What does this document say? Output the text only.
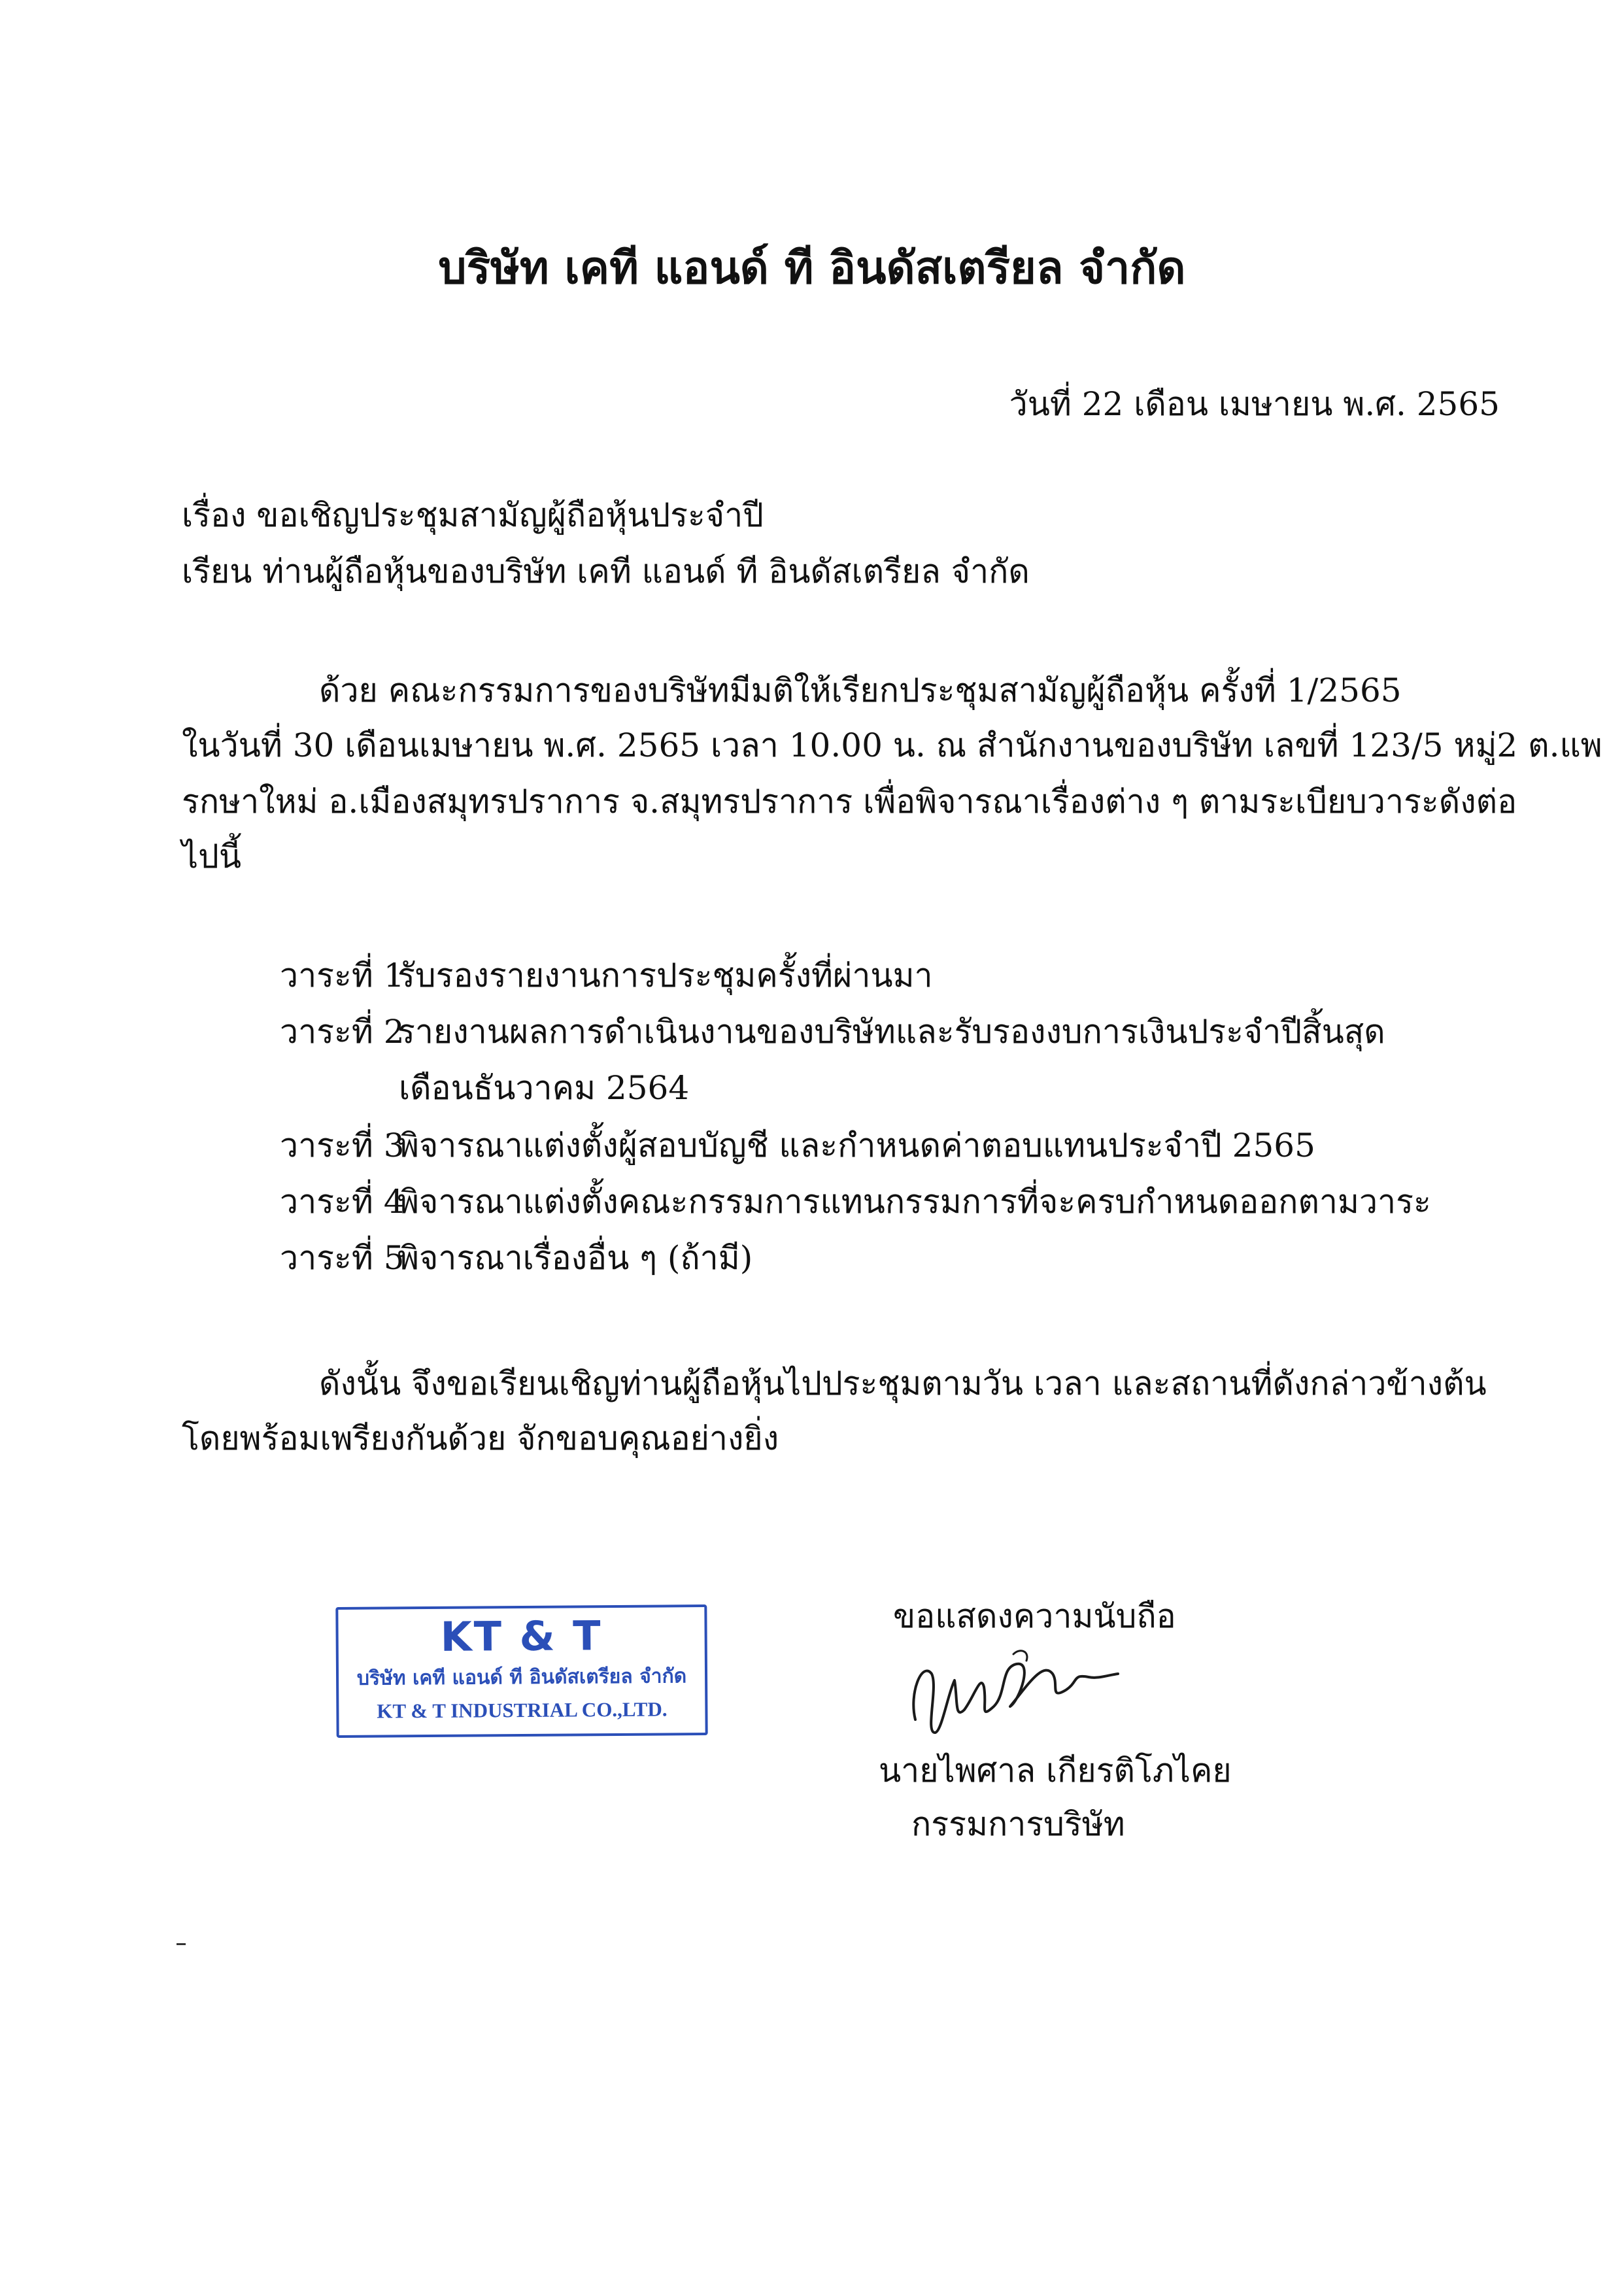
บริษัท เคที แอนด์ ที อินดัสเตรียล จำกัด
วันที่ 22 เดือน เมษายน พ.ศ. 2565
เรื่อง ขอเชิญประชุมสามัญผู้ถือหุ้นประจำปี
เรียน ท่านผู้ถือหุ้นของบริษัท เคที แอนด์ ที อินดัสเตรียล จำกัด
ด้วย คณะกรรมการของบริษัทมีมติให้เรียกประชุมสามัญผู้ถือหุ้น ครั้งที่ 1/2565
ในวันที่ 30 เดือนเมษายน พ.ศ. 2565 เวลา 10.00 น. ณ สำนักงานของบริษัท เลขที่ 123/5 หมู่2 ต.แพ
รกษาใหม่ อ.เมืองสมุทรปราการ จ.สมุทรปราการ เพื่อพิจารณาเรื่องต่าง ๆ ตามระเบียบวาระดังต่อ
ไปนี้
วาระที่ 1รับรองรายงานการประชุมครั้งที่ผ่านมา
วาระที่ 2รายงานผลการดำเนินงานของบริษัทและรับรองงบการเงินประจำปีสิ้นสุด
เดือนธันวาคม 2564
วาระที่ 3พิจารณาแต่งตั้งผู้สอบบัญชี และกำหนดค่าตอบแทนประจำปี 2565
วาระที่ 4พิจารณาแต่งตั้งคณะกรรมการแทนกรรมการที่จะครบกำหนดออกตามวาระ
วาระที่ 5พิจารณาเรื่องอื่น ๆ (ถ้ามี)
ดังนั้น จึงขอเรียนเชิญท่านผู้ถือหุ้นไปประชุมตามวัน เวลา และสถานที่ดังกล่าวข้างต้น
โดยพร้อมเพรียงกันด้วย จักขอบคุณอย่างยิ่ง
ขอแสดงความนับถือ
นายไพศาล เกียรติโภไคย
กรรมการบริษัท
KT & T
บริษัท เคที แอนด์ ที อินดัสเตรียล จำกัด
KT & T INDUSTRIAL CO.,LTD.
